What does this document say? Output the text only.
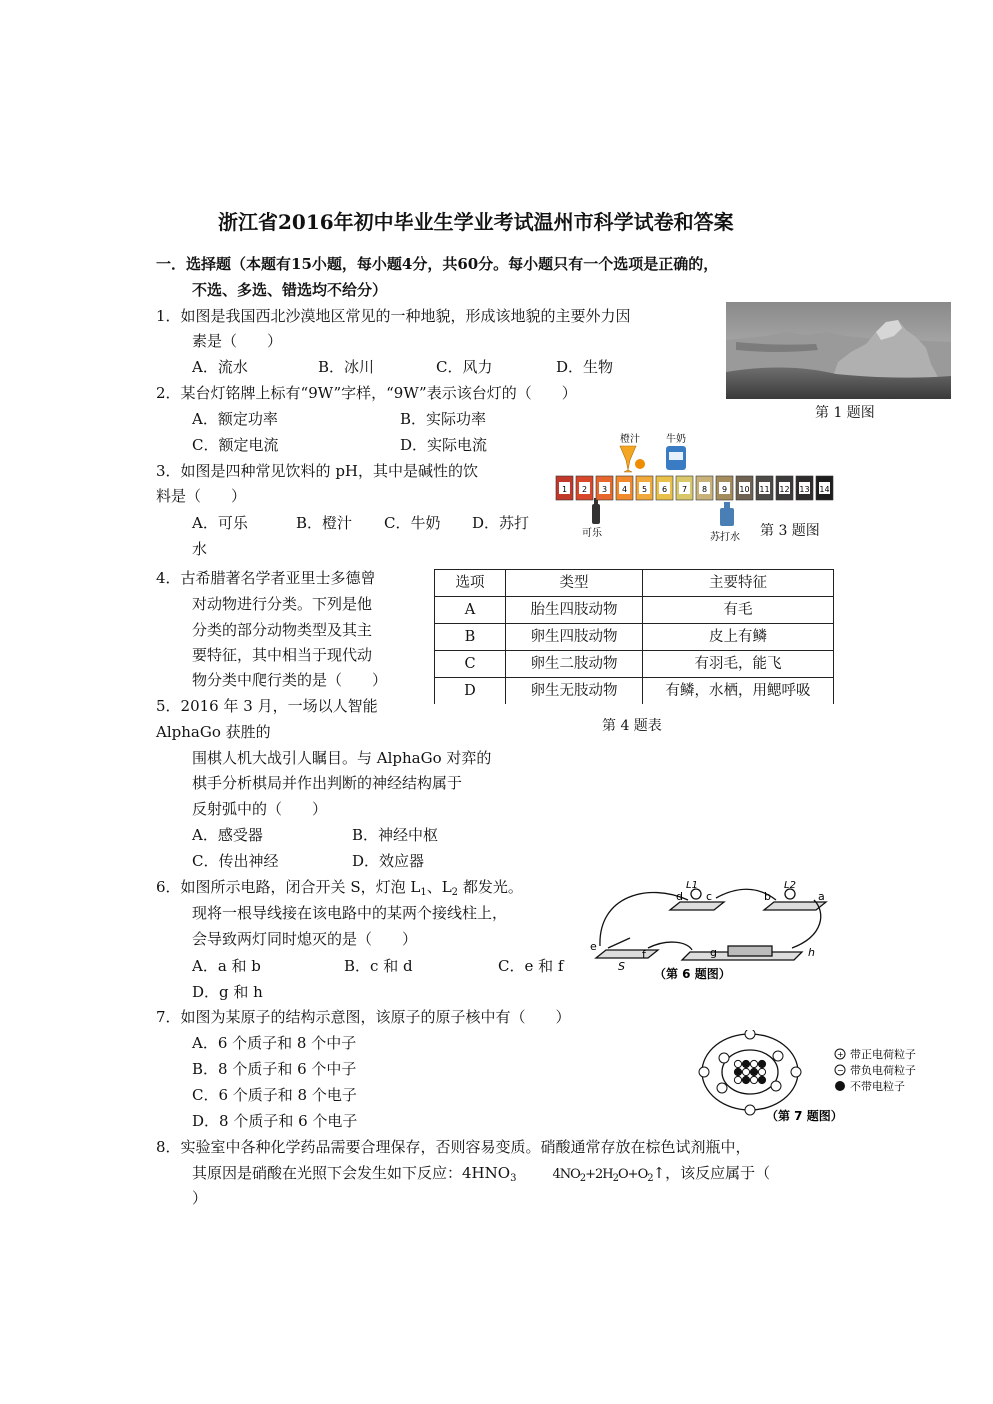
浙江省2016年初中毕业生学业考试温州市科学试卷和答案
一．选择题（本题有15小题，每小题4分，共60分。每小题只有一个选项是正确的，
不选、多选、错选均不给分）
1．如图是我国西北沙漠地区常见的一种地貌，形成该地貌的主要外力因
素是（　　）
A．流水	B．冰川	C．风力	D．生物
第 1 题图
2．某台灯铭牌上标有“9W”字样，“9W”表示该台灯的（　　）
A．额定功率	B．实际功率
C．额定电流	D．实际电流
3．如图是四种常见饮料的 pH，其中是碱性的饮
料是（　　）
A．可乐	B．橙汁 C．牛奶 D．苏打
水
橙汁	牛奶
可乐	苏打水
1 2 3 4 5 6 7 8 9 10 11 12 13 14
第 3 题图
4．古希腊著名学者亚里士多德曾
对动物进行分类。下列是他
分类的部分动物类型及其主
要特征，其中相当于现代动
物分类中爬行类的是（　　）
选项	类型	主要特征
A	胎生四肢动物	有毛
B	卵生四肢动物	皮上有鳞
C	卵生二肢动物	有羽毛，能飞
D	卵生无肢动物	有鳞，水栖，用鳃呼吸
第 4 题表
5．2016 年 3 月，一场以人智能
AlphaGo 获胜的
围棋人机大战引人瞩目。与 AlphaGo 对弈的
棋手分析棋局并作出判断的神经结构属于
反射弧中的（　　）
A．感受器	B．神经中枢
C．传出神经	D．效应器
6．如图所示电路，闭合开关 S，灯泡 $L_1$、$L_2$ 都发光。
现将一根导线接在该电路中的某两个接线柱上，
会导致两灯同时熄灭的是（　　）
A．a 和 b	B．c 和 d	C．e 和 f
D．g 和 h
L1	L2
a
b
c
d
e
f	g	h
S
（第 6 题图）
7．如图为某原子的结构示意图，该原子的原子核中有（　　）
A．6 个质子和 8 个中子
B．8 个质子和 6 个中子
C．6 个质子和 8 个电子
D．8 个质子和 6 个电子
+ 带正电荷粒子
− 带负电荷粒子
不带电粒子
（第 7 题图）
8．实验室中各种化学药品需要合理保存，否则容易变质。硝酸通常存放在棕色试剂瓶中，
其原因是硝酸在光照下会发生如下反应：$4HNO_3$	$4NO_2+2H_2O+O_2↑$，该反应属于（
）
